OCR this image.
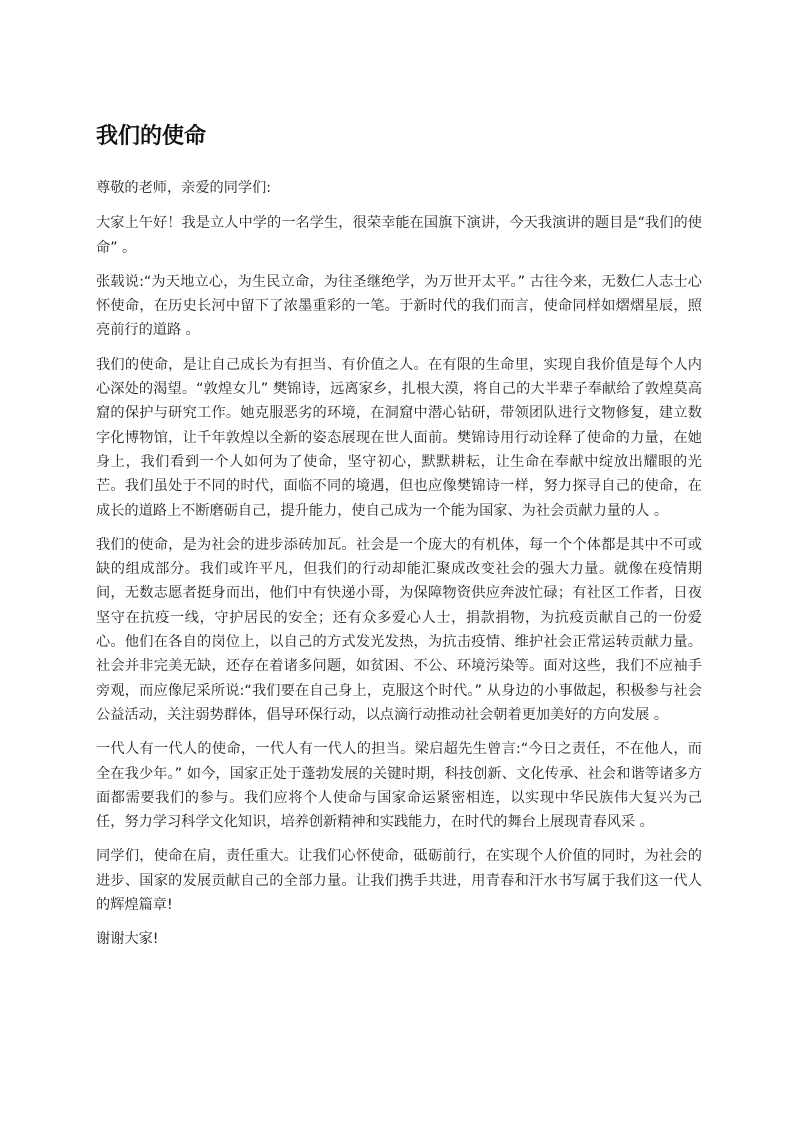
我们的使命

尊敬的老师，亲爱的同学们:

大家上午好！我是立人中学的一名学生，很荣幸能在国旗下演讲，今天我演讲的题目是“我们的使命” 。

张载说:“为天地立心，为生民立命，为往圣继绝学，为万世开太平。” 古往今来，无数仁人志士心怀使命，在历史长河中留下了浓墨重彩的一笔。于新时代的我们而言，使命同样如熠熠星辰，照亮前行的道路 。

我们的使命，是让自己成长为有担当、有价值之人。在有限的生命里，实现自我价值是每个人内心深处的渴望。“敦煌女儿” 樊锦诗，远离家乡，扎根大漠，将自己的大半辈子奉献给了敦煌莫高窟的保护与研究工作。她克服恶劣的环境，在洞窟中潜心钻研，带领团队进行文物修复，建立数字化博物馆，让千年敦煌以全新的姿态展现在世人面前。樊锦诗用行动诠释了使命的力量，在她身上，我们看到一个人如何为了使命，坚守初心，默默耕耘，让生命在奉献中绽放出耀眼的光芒。我们虽处于不同的时代，面临不同的境遇，但也应像樊锦诗一样，努力探寻自己的使命，在成长的道路上不断磨砺自己，提升能力，使自己成为一个能为国家、为社会贡献力量的人 。

我们的使命，是为社会的进步添砖加瓦。社会是一个庞大的有机体，每一个个体都是其中不可或缺的组成部分。我们或许平凡，但我们的行动却能汇聚成改变社会的强大力量。就像在疫情期间，无数志愿者挺身而出，他们中有快递小哥，为保障物资供应奔波忙碌；有社区工作者，日夜坚守在抗疫一线，守护居民的安全；还有众多爱心人士，捐款捐物，为抗疫贡献自己的一份爱心。他们在各自的岗位上，以自己的方式发光发热，为抗击疫情、维护社会正常运转贡献力量。社会并非完美无缺，还存在着诸多问题，如贫困、不公、环境污染等。面对这些，我们不应袖手旁观，而应像尼采所说:“我们要在自己身上，克服这个时代。” 从身边的小事做起，积极参与社会公益活动，关注弱势群体，倡导环保行动，以点滴行动推动社会朝着更加美好的方向发展 。

一代人有一代人的使命，一代人有一代人的担当。梁启超先生曾言:“今日之责任，不在他人，而全在我少年。” 如今，国家正处于蓬勃发展的关键时期，科技创新、文化传承、社会和谐等诸多方面都需要我们的参与。我们应将个人使命与国家命运紧密相连，以实现中华民族伟大复兴为己任，努力学习科学文化知识，培养创新精神和实践能力，在时代的舞台上展现青春风采 。

同学们，使命在肩，责任重大。让我们心怀使命，砥砺前行，在实现个人价值的同时，为社会的进步、国家的发展贡献自己的全部力量。让我们携手共进，用青春和汗水书写属于我们这一代人的辉煌篇章!

谢谢大家!
